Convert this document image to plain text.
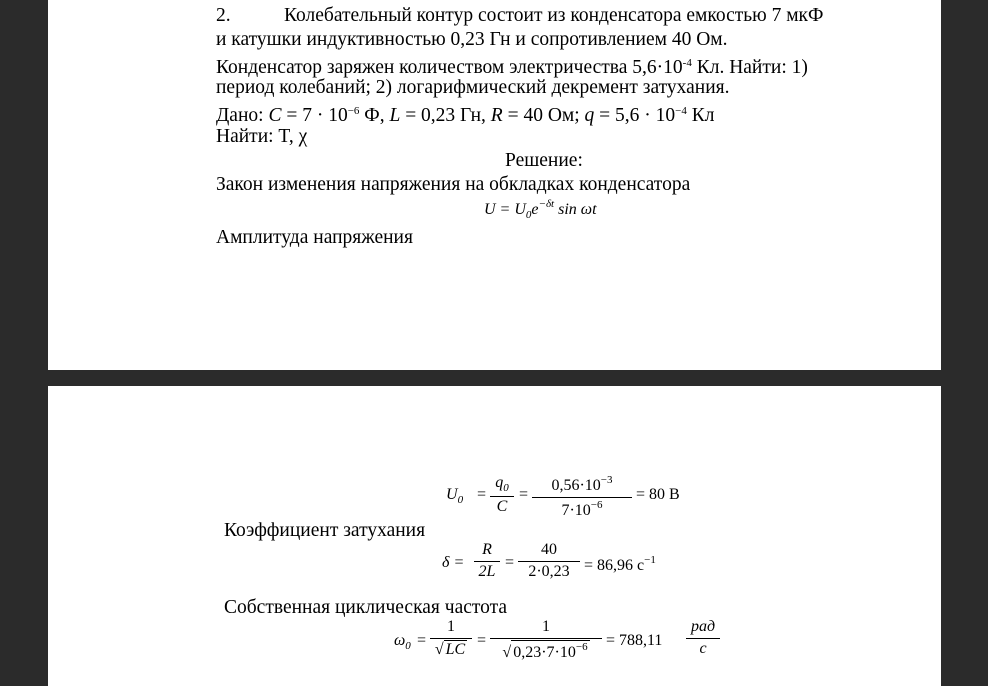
2.	Колебательный контур состоит из конденсатора емкостью 7 мкФ
и катушки индуктивностью 0,23 Гн и сопротивлением 40 Ом.
Конденсатор заряжен количеством электричества $5,6\cdot 10^{-4}$ Кл. Найти: 1)
период колебаний; 2) логарифмический декремент затухания.
Дано: $C = 7 \cdot 10^{-6}$ Ф, L = 0,23 Гн, R = 40 Ом; $q = 5,6 \cdot 10^{-4}$ Кл
Найти: T, χ
Решение:
Закон изменения напряжения на обкладках конденсатора
$U = U_0e^{-\delta t}$ sin ωt
Амплитуда напряжения
$U_0$ =
$q_0$
C
=
$0,56\cdot 10^{-3}$
$7\cdot 10^{-6}$
= 80 B
Коэффициент затухания
δ =
R
2L
=
40
2·0,23 = 86,96 $c^{-1}$
Собственная циклическая частота
$\omega_0$ =
1
√ LC
=
1
√ $0,23\cdot 7\cdot 10^{-6}$	= 788,11
рад
c
